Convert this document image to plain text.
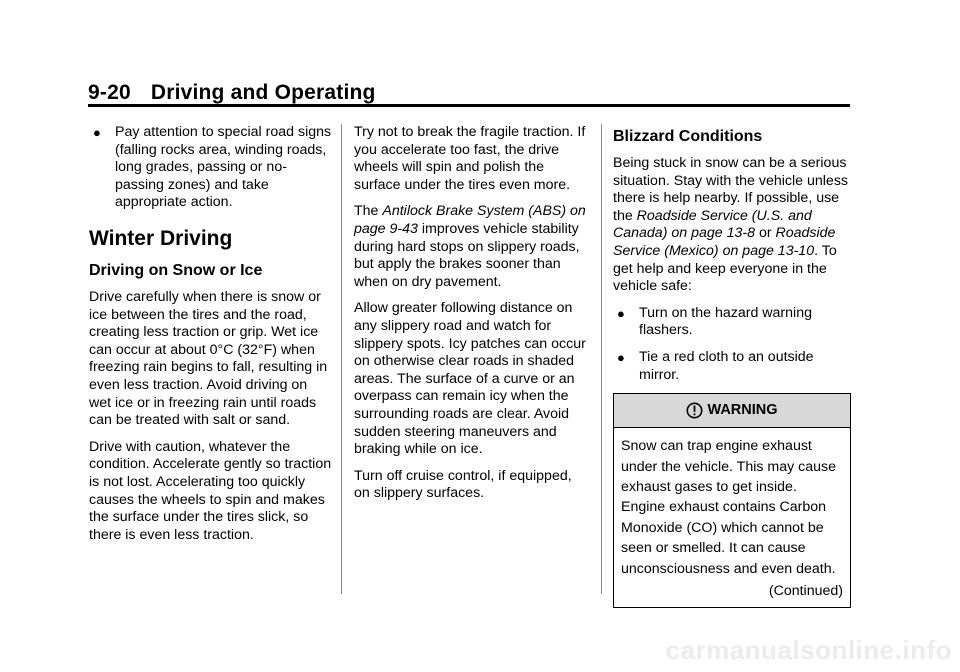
9-20 Driving and Operating
● Pay attention to special road signs (falling rocks area, winding roads, long grades, passing or no-passing zones) and take appropriate action.
Winter Driving
Driving on Snow or Ice

Drive carefully when there is snow or ice between the tires and the road, creating less traction or grip. Wet ice can occur at about 0°C (32°F) when freezing rain begins to fall, resulting in even less traction. Avoid driving on wet ice or in freezing rain until roads can be treated with salt or sand.

Drive with caution, whatever the condition. Accelerate gently so traction is not lost. Accelerating too quickly causes the wheels to spin and makes the surface under the tires slick, so there is even less traction.

Try not to break the fragile traction. If you accelerate too fast, the drive wheels will spin and polish the surface under the tires even more.

The Antilock Brake System (ABS) on page 9-43 improves vehicle stability during hard stops on slippery roads, but apply the brakes sooner than when on dry pavement.

Allow greater following distance on any slippery road and watch for slippery spots. Icy patches can occur on otherwise clear roads in shaded areas. The surface of a curve or an overpass can remain icy when the surrounding roads are clear. Avoid sudden steering maneuvers and braking while on ice.

Turn off cruise control, if equipped, on slippery surfaces.

Blizzard Conditions

Being stuck in snow can be a serious situation. Stay with the vehicle unless there is help nearby. If possible, use the Roadside Service (U.S. and Canada) on page 13-8 or Roadside Service (Mexico) on page 13-10. To get help and keep everyone in the vehicle safe:

● Turn on the hazard warning flashers.
● Tie a red cloth to an outside mirror.
WARNING
Snow can trap engine exhaust under the vehicle. This may cause exhaust gases to get inside. Engine exhaust contains Carbon Monoxide (CO) which cannot be seen or smelled. It can cause unconsciousness and even death.
(Continued)
carmanualsonline.info
